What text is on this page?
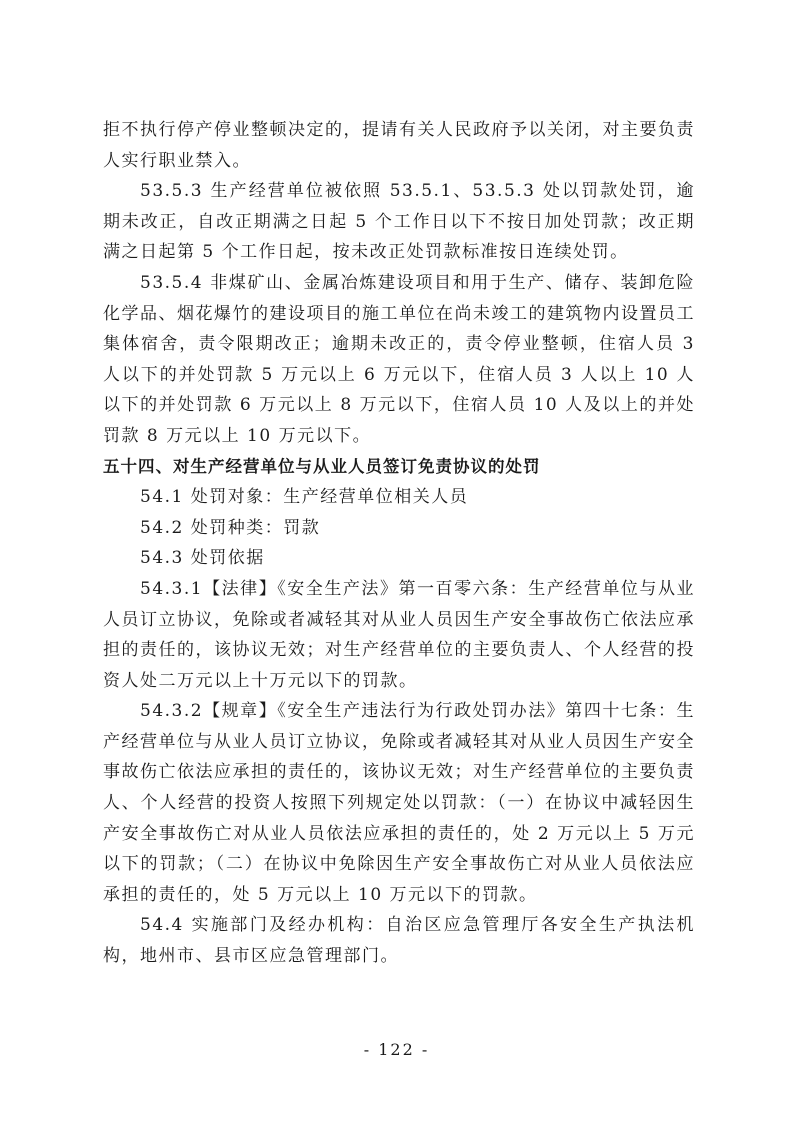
拒不执行停产停业整顿决定的，提请有关人民政府予以关闭，对主要负责人实行职业禁入。

53.5.3 生产经营单位被依照 53.5.1、53.5.3 处以罚款处罚，逾期未改正，自改正期满之日起 5 个工作日以下不按日加处罚款；改正期满之日起第 5 个工作日起，按未改正处罚款标准按日连续处罚。

53.5.4 非煤矿山、金属冶炼建设项目和用于生产、储存、装卸危险化学品、烟花爆竹的建设项目的施工单位在尚未竣工的建筑物内设置员工集体宿舍，责令限期改正；逾期未改正的，责令停业整顿，住宿人员 3 人以下的并处罚款 5 万元以上 6 万元以下，住宿人员 3 人以上 10 人以下的并处罚款 6 万元以上 8 万元以下，住宿人员 10 人及以上的并处罚款 8 万元以上 10 万元以下。

五十四、对生产经营单位与从业人员签订免责协议的处罚

54.1 处罚对象：生产经营单位相关人员

54.2 处罚种类：罚款

54.3 处罚依据

54.3.1【法律】《安全生产法》第一百零六条：生产经营单位与从业人员订立协议，免除或者减轻其对从业人员因生产安全事故伤亡依法应承担的责任的，该协议无效；对生产经营单位的主要负责人、个人经营的投资人处二万元以上十万元以下的罚款。

54.3.2【规章】《安全生产违法行为行政处罚办法》第四十七条：生产经营单位与从业人员订立协议，免除或者减轻其对从业人员因生产安全事故伤亡依法应承担的责任的，该协议无效；对生产经营单位的主要负责人、个人经营的投资人按照下列规定处以罚款：（一）在协议中减轻因生产安全事故伤亡对从业人员依法应承担的责任的，处 2 万元以上 5 万元以下的罚款；（二）在协议中免除因生产安全事故伤亡对从业人员依法应承担的责任的，处 5 万元以上 10 万元以下的罚款。

54.4 实施部门及经办机构：自治区应急管理厅各安全生产执法机构，地州市、县市区应急管理部门。

- 122 -
